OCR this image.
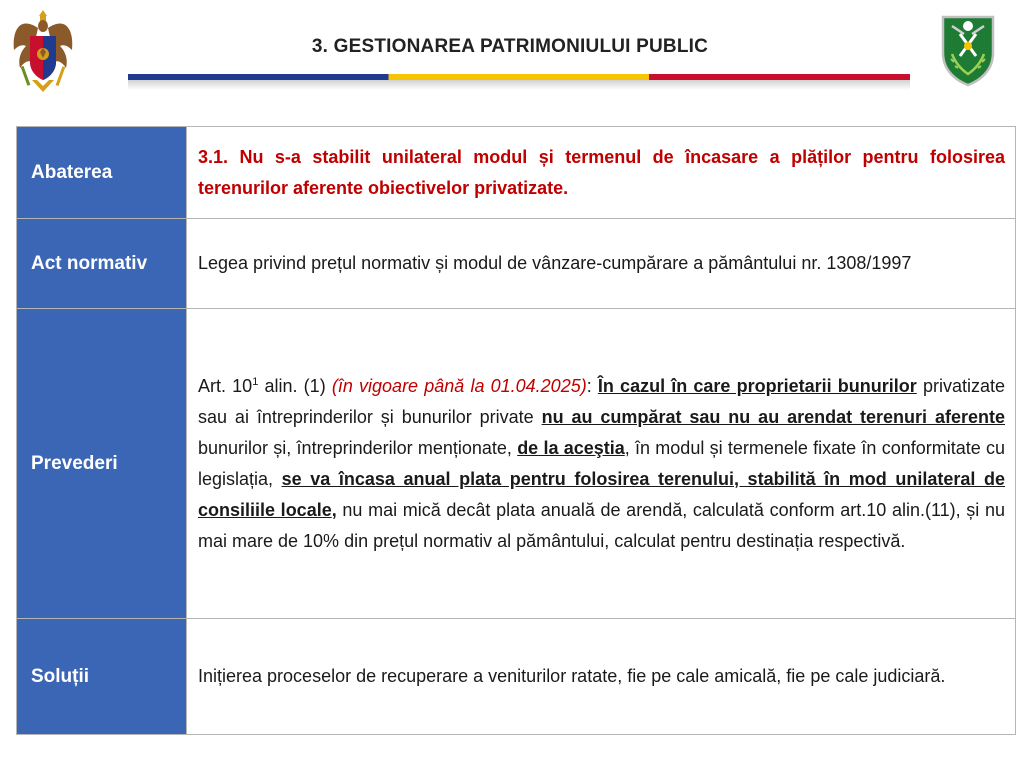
3. GESTIONAREA PATRIMONIULUI PUBLIC
Abaterea	3.1. Nu s-a stabilit unilateral modul și termenul de încasare a plăților pentru folosirea terenurilor aferente obiectivelor privatizate.
Act normativ	Legea privind prețul normativ și modul de vânzare-cumpărare a pământului nr. 1308/1997
Prevederi	Art. $10^1$ alin. (1) (în vigoare până la 01.04.2025): În cazul în care proprietarii bunurilor privatizate sau ai întreprinderilor și bunurilor private nu au cumpărat sau nu au arendat terenuri aferente bunurilor și, întreprinderilor menționate, de la aceştia, în modul și termenele fixate în conformitate cu legislația, se va încasa anual plata pentru folosirea terenului, stabilită în mod unilateral de consiliile locale, nu mai mică decât plata anuală de arendă, calculată conform art.10 alin.(11), și nu mai mare de 10% din prețul normativ al pământului, calculat pentru destinația respectivă.
Soluții	Inițierea proceselor de recuperare a veniturilor ratate, fie pe cale amicală, fie pe cale judiciară.
